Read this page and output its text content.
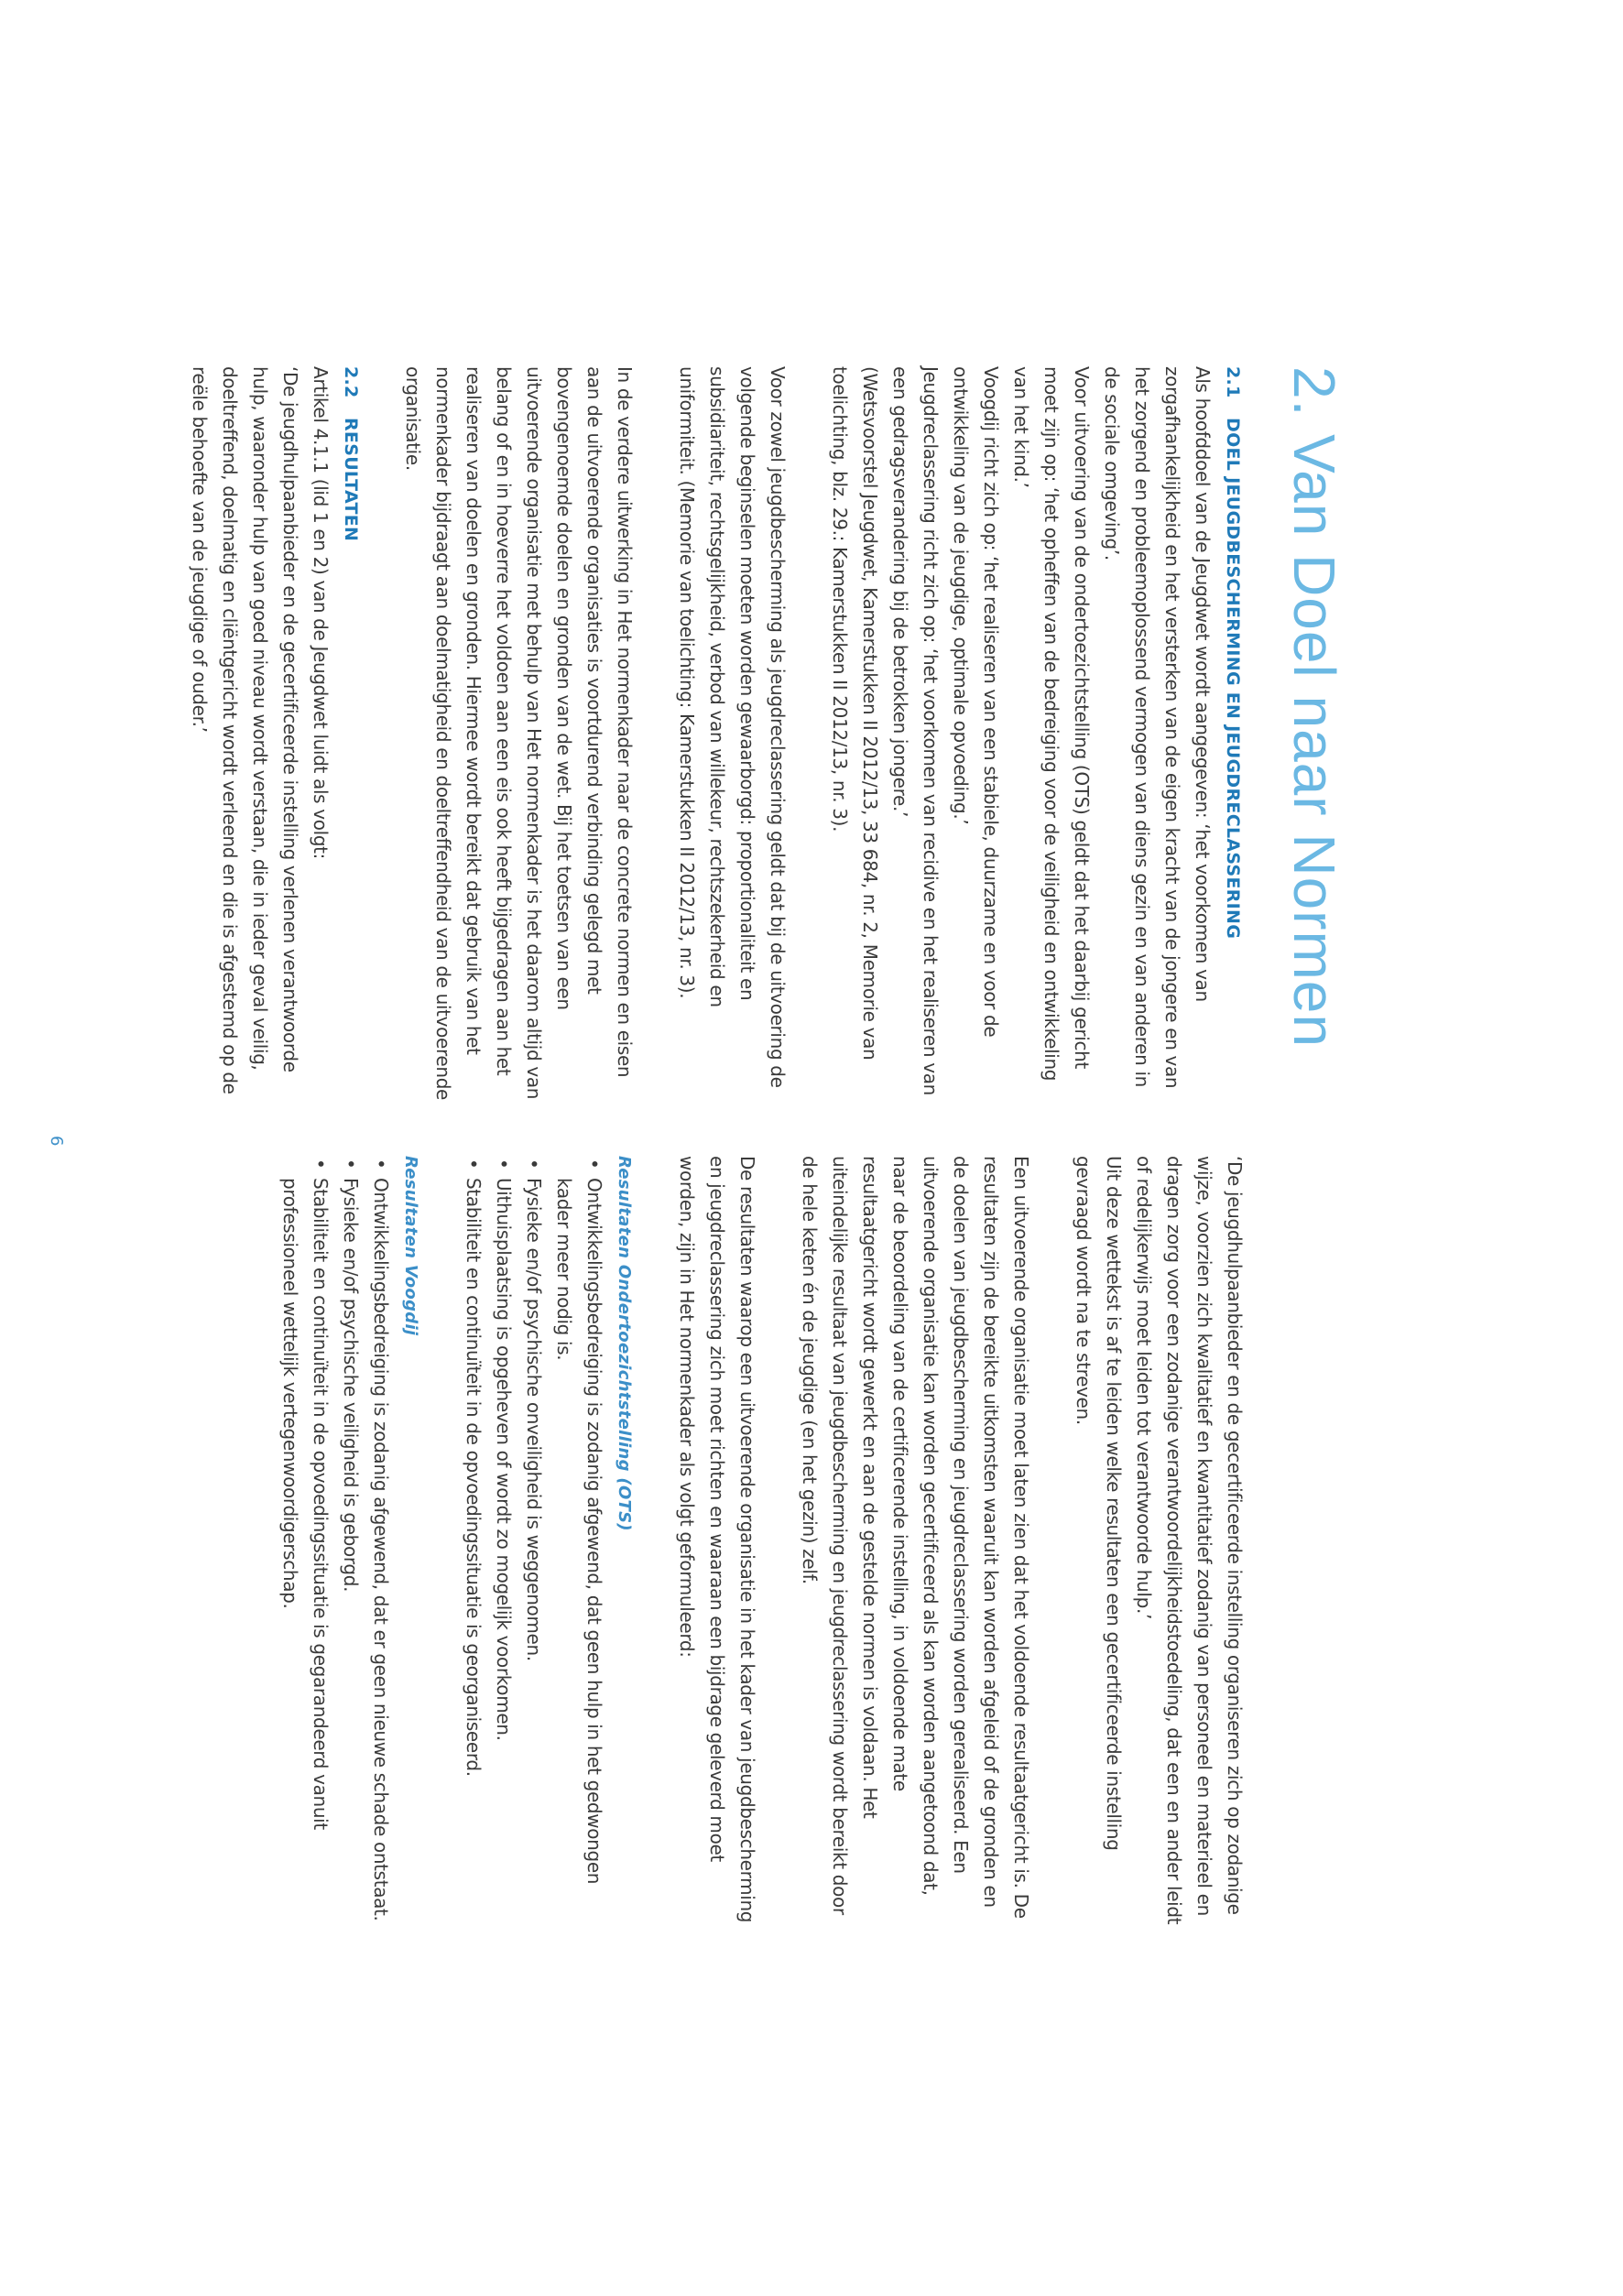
2. Van Doel naar Normen
2.1DOEL JEUGDBESCHERMING EN JEUGDRECLASSERING

Als hoofddoel van de Jeugdwet wordt aangegeven: ‘het voorkomen van zorgafhankelijkheid en het versterken van de eigen kracht van de jongere en van het zorgend en probleemoplossend vermogen van diens gezin en van anderen in de sociale omgeving’.

Voor uitvoering van de ondertoezichtstelling (OTS) geldt dat het daarbij gericht moet zijn op: ‘het opheffen van de bedreiging voor de veiligheid en ontwikkeling van het kind.’

Voogdij richt zich op: ‘het realiseren van een stabiele, duurzame en voor de ontwikkeling van de jeugdige, optimale opvoeding.’

Jeugdreclassering richt zich op: ‘het voorkomen van recidive en het realiseren van een gedragsverandering bij de betrokken jongere.’

(Wetsvoorstel Jeugdwet, Kamerstukken II 2012/13, 33 684, nr. 2, Memorie van toelichting, blz. 29.: Kamerstukken II 2012/13, nr. 3).

Voor zowel jeugdbescherming als jeugdreclassering geldt dat bij de uitvoering de volgende beginselen moeten worden gewaarborgd: proportionaliteit en subsidiariteit, rechtsgelijkheid, verbod van willekeur, rechtszekerheid en uniformiteit. (Memorie van toelichting: Kamerstukken II 2012/13, nr. 3).

In de verdere uitwerking in Het normenkader naar de concrete normen en eisen aan de uitvoerende organisaties is voortdurend verbinding gelegd met bovengenoemde doelen en gronden van de wet. Bij het toetsen van een uitvoerende organisatie met behulp van Het normenkader is het daarom altijd van belang of en in hoeverre het voldoen aan een eis ook heeft bijgedragen aan het realiseren van doelen en gronden. Hiermee wordt bereikt dat gebruik van het normenkader bijdraagt aan doelmatigheid en doeltreffendheid van de uitvoerende organisatie.

2.2RESULTATEN

Artikel 4.1.1 (lid 1 en 2) van de Jeugdwet luidt als volgt:

‘De jeugdhulpaanbieder en de gecertificeerde instelling verlenen verantwoorde hulp, waaronder hulp van goed niveau wordt verstaan, die in ieder geval veilig, doeltreffend, doelmatig en cliëntgericht wordt verleend en die is afgestemd op de reële behoefte van de jeugdige of ouder.’

‘De jeugdhulpaanbieder en de gecertificeerde instelling organiseren zich op zodanige wijze, voorzien zich kwalitatief en kwantitatief zodanig van personeel en materieel en dragen zorg voor een zodanige verantwoordelijkheidstoedeling, dat een en ander leidt of redelijkerwijs moet leiden tot verantwoorde hulp.’

Uit deze wettekst is af te leiden welke resultaten een gecertificeerde instelling gevraagd wordt na te streven.

Een uitvoerende organisatie moet laten zien dat het voldoende resultaatgericht is. De resultaten zijn de bereikte uitkomsten waaruit kan worden afgeleid of de gronden en de doelen van jeugdbescherming en jeugdreclassering worden gerealiseerd. Een uitvoerende organisatie kan worden gecertificeerd als kan worden aangetoond dat, naar de beoordeling van de certificerende instelling, in voldoende mate resultaatgericht wordt gewerkt en aan de gestelde normen is voldaan. Het uiteindelijke resultaat van jeugdbescherming en jeugdreclassering wordt bereikt door de hele keten én de jeugdige (en het gezin) zelf.

De resultaten waarop een uitvoerende organisatie in het kader van jeugdbescherming en jeugdreclassering zich moet richten en waaraan een bijdrage geleverd moet worden, zijn in Het normenkader als volgt geformuleerd:

Resultaten Ondertoezichtstelling (OTS)
• Ontwikkelingsbedreiging is zodanig afgewend, dat geen hulp in het gedwongen kader meer nodig is.
• Fysieke en/of psychische onveiligheid is weggenomen.
• Uithuisplaatsing is opgeheven of wordt zo mogelijk voorkomen.
• Stabiliteit en continuïteit in de opvoedingssituatie is georganiseerd.
Resultaten Voogdij
• Ontwikkelingsbedreiging is zodanig afgewend, dat er geen nieuwe schade ontstaat.
• Fysieke en/of psychische veiligheid is geborgd.
• Stabiliteit en continuïteit in de opvoedingssituatie is gegarandeerd vanuit professioneel wettelijk vertegenwoordigerschap.
6
